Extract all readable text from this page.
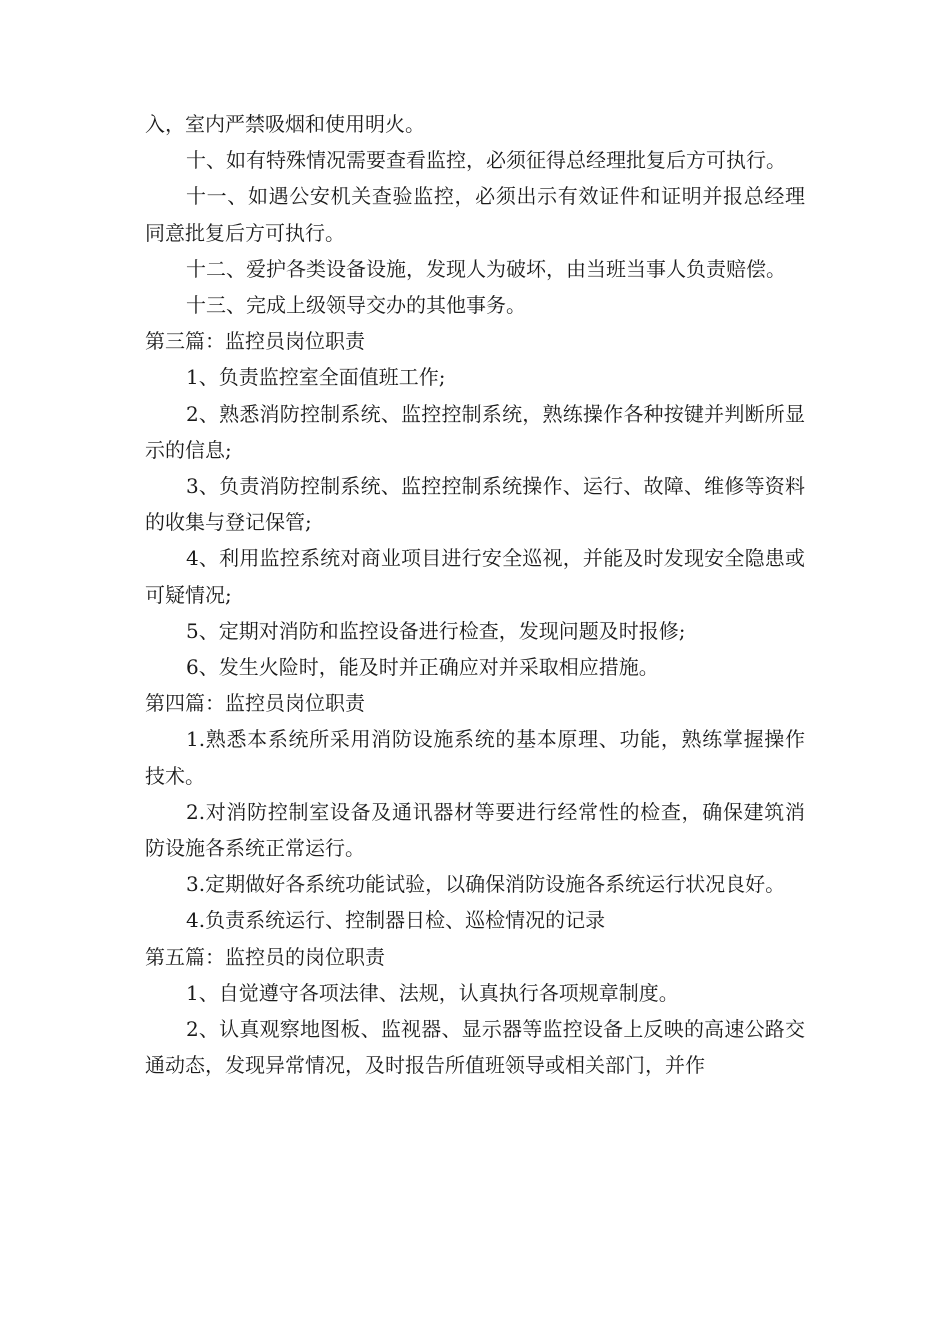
入，室内严禁吸烟和使用明火。

十、如有特殊情况需要查看监控，必须征得总经理批复后方可执行。

十一、如遇公安机关查验监控，必须出示有效证件和证明并报总经理同意批复后方可执行。

十二、爱护各类设备设施，发现人为破坏，由当班当事人负责赔偿。

十三、完成上级领导交办的其他事务。

第三篇：监控员岗位职责

1、负责监控室全面值班工作;

2、熟悉消防控制系统、监控控制系统，熟练操作各种按键并判断所显示的信息;

3、负责消防控制系统、监控控制系统操作、运行、故障、维修等资料的收集与登记保管;

4、利用监控系统对商业项目进行安全巡视，并能及时发现安全隐患或可疑情况;

5、定期对消防和监控设备进行检查，发现问题及时报修;

6、发生火险时，能及时并正确应对并采取相应措施。

第四篇：监控员岗位职责

1.熟悉本系统所采用消防设施系统的基本原理、功能，熟练掌握操作技术。

2.对消防控制室设备及通讯器材等要进行经常性的检查，确保建筑消防设施各系统正常运行。

3.定期做好各系统功能试验，以确保消防设施各系统运行状况良好。

4.负责系统运行、控制器日检、巡检情况的记录

第五篇：监控员的岗位职责

1、自觉遵守各项法律、法规，认真执行各项规章制度。

2、认真观察地图板、监视器、显示器等监控设备上反映的高速公路交通动态，发现异常情况，及时报告所值班领导或相关部门，并作
